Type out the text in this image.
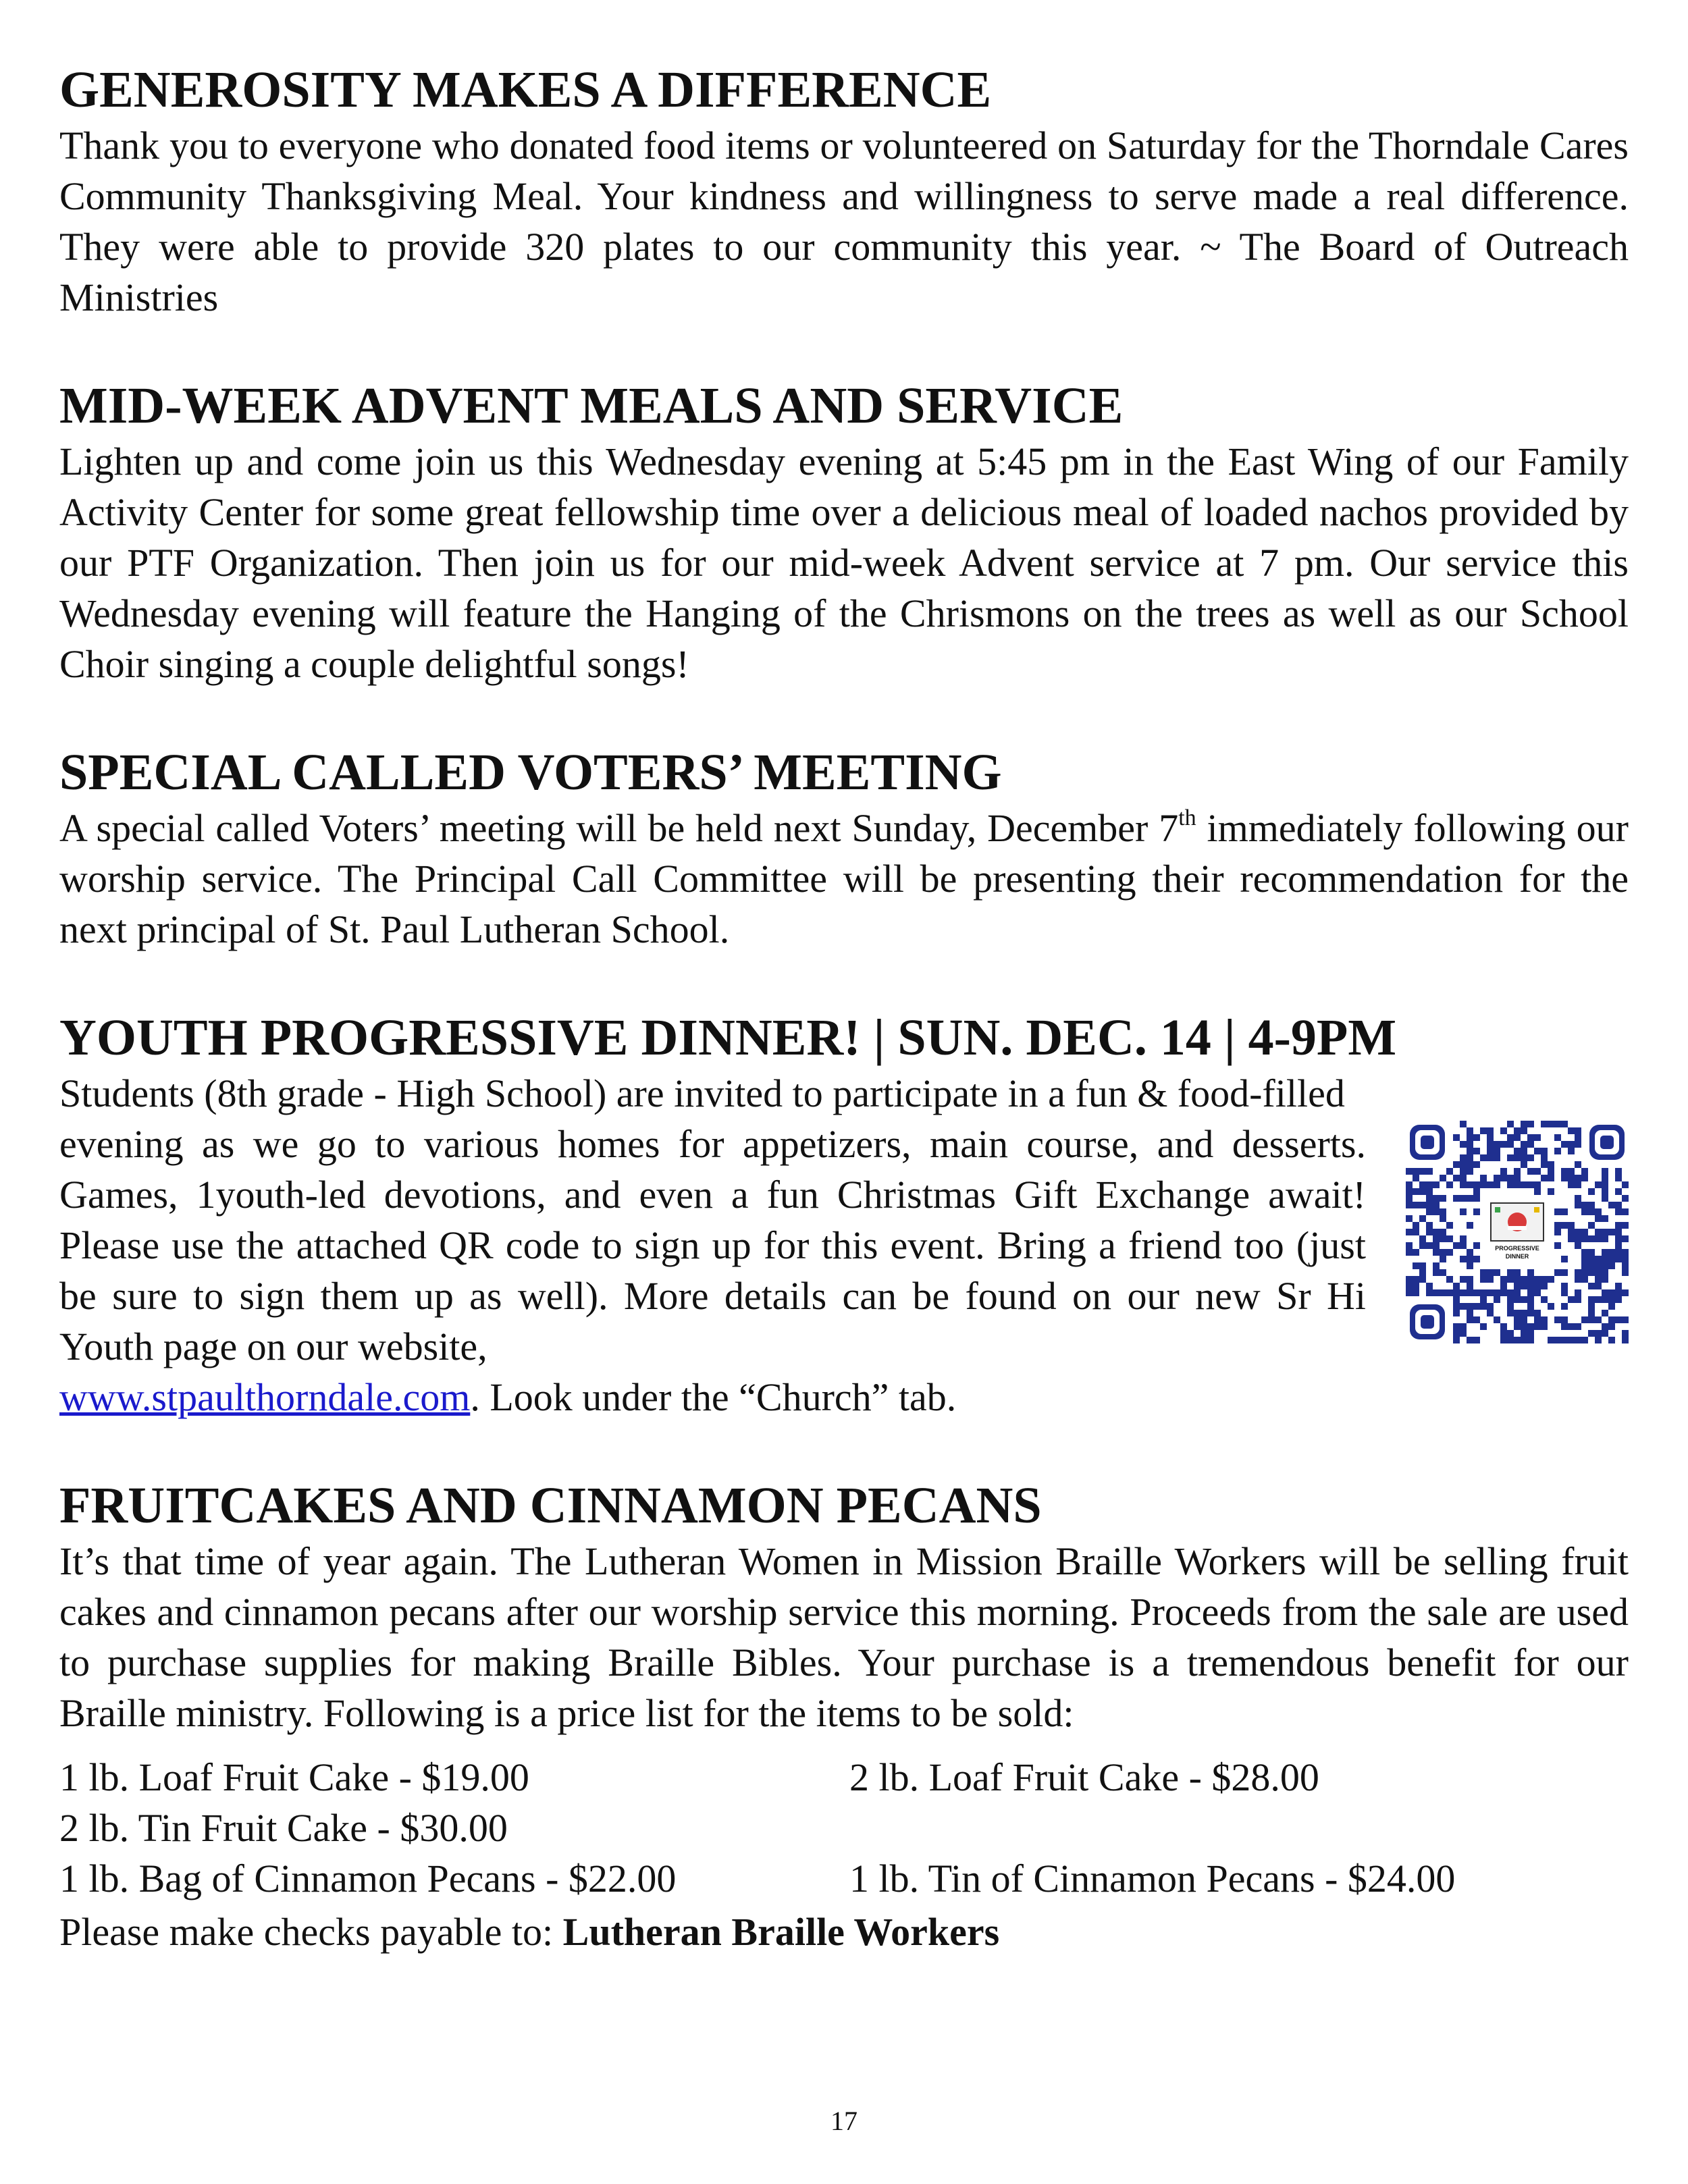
GENEROSITY MAKES A DIFFERENCE

Thank you to everyone who donated food items or volunteered on Saturday for the Thorndale Cares Community Thanksgiving Meal. Your kindness and willingness to serve made a real difference. They were able to provide 320 plates to our community this year. ~ The Board of Outreach Ministries

MID-WEEK ADVENT MEALS AND SERVICE

Lighten up and come join us this Wednesday evening at 5:45 pm in the East Wing of our Family Activity Center for some great fellowship time over a delicious meal of loaded nachos provided by our PTF Organization. Then join us for our mid-week Advent service at 7 pm. Our service this Wednesday evening will feature the Hanging of the Chrismons on the trees as well as our School Choir singing a couple delightful songs!

SPECIAL CALLED VOTERS’ MEETING

A special called Voters’ meeting will be held next Sunday, December 7th immediately following our worship service. The Principal Call Committee will be presenting their recommendation for the next principal of St. Paul Lutheran School.

YOUTH PROGRESSIVE DINNER! | SUN. DEC. 14 | 4-9PM

Students (8th grade - High School) are invited to participate in a fun & food-filled

evening as we go to various homes for appetizers, main course, and desserts. Games, 1youth-led devotions, and even a fun Christmas Gift Exchange await! Please use the attached QR code to sign up for this event. Bring a friend too (just be sure to sign them up as well). More details can be found on our new Sr Hi Youth page on our website,

www.stpaulthorndale.com. Look under the “Church” tab.

PROGRESSIVE
DINNER
FRUITCAKES AND CINNAMON PECANS

It’s that time of year again. The Lutheran Women in Mission Braille Workers will be selling fruit cakes and cinnamon pecans after our worship service this morning. Proceeds from the sale are used to purchase supplies for making Braille Bibles. Your purchase is a tremendous benefit for our Braille ministry. Following is a price list for the items to be sold:

1 lb. Loaf Fruit Cake - $19.00	2 lb. Loaf Fruit Cake - $28.00
2 lb. Tin Fruit Cake - $30.00
1 lb. Bag of Cinnamon Pecans - $22.00	1 lb. Tin of Cinnamon Pecans - $24.00
Please make checks payable to: Lutheran Braille Workers
17
